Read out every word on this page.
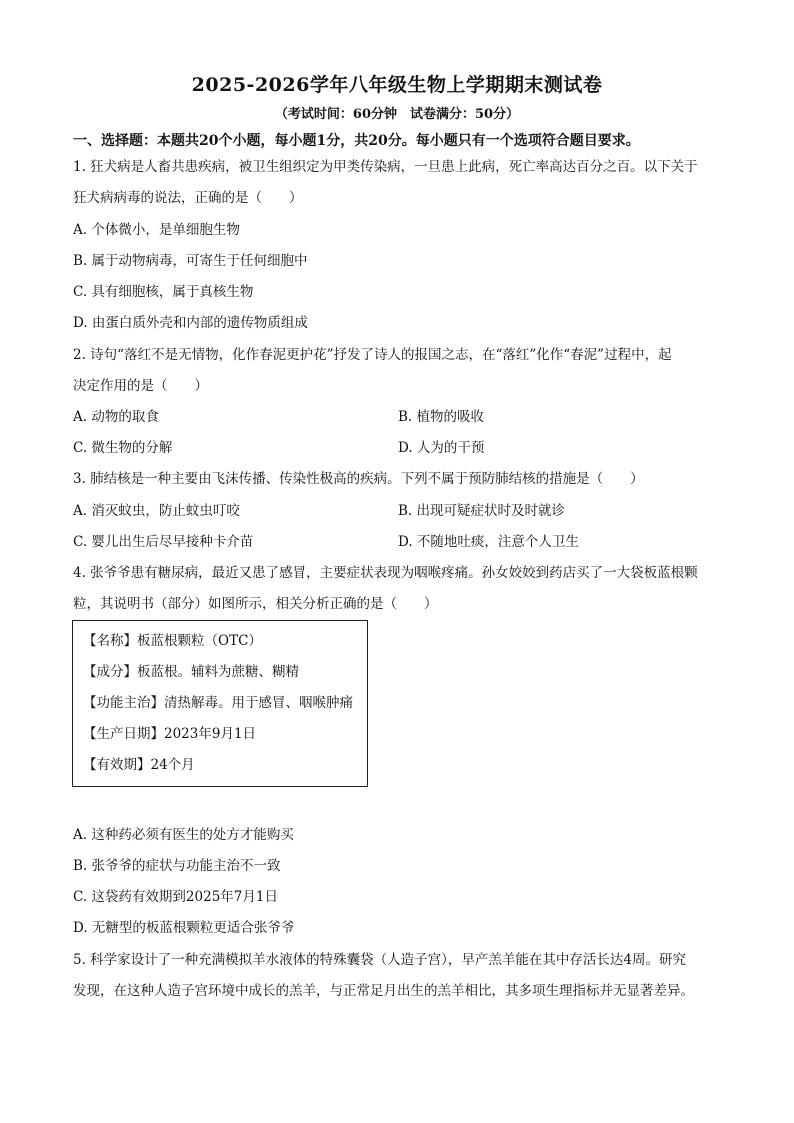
2025-2026学年八年级生物上学期期末测试卷
（考试时间：60分钟　试卷满分：50分）
一、选择题：本题共20个小题，每小题1分，共20分。每小题只有一个选项符合题目要求。
1. 狂犬病是人畜共患疾病，被卫生组织定为甲类传染病，一旦患上此病，死亡率高达百分之百。以下关于
狂犬病病毒的说法，正确的是（　　）
A. 个体微小，是单细胞生物
B. 属于动物病毒，可寄生于任何细胞中
C. 具有细胞核，属于真核生物
D. 由蛋白质外壳和内部的遗传物质组成
2. 诗句“落红不是无情物，化作春泥更护花”抒发了诗人的报国之志，在“落红”化作“春泥”过程中，起
决定作用的是（　　）
A. 动物的取食	B. 植物的吸收
C. 微生物的分解	D. 人为的干预
3. 肺结核是一种主要由飞沫传播、传染性极高的疾病。下列不属于预防肺结核的措施是（　　）
A. 消灭蚊虫，防止蚊虫叮咬	B. 出现可疑症状时及时就诊
C. 婴儿出生后尽早接种卡介苗	D. 不随地吐痰，注意个人卫生
4. 张爷爷患有糖尿病，最近又患了感冒，主要症状表现为咽喉疼痛。孙女姣姣到药店买了一大袋板蓝根颗
粒，其说明书（部分）如图所示，相关分析正确的是（　　）
【名称】板蓝根颗粒（OTC）
【成分】板蓝根。辅料为蔗糖、糊精
【功能主治】清热解毒。用于感冒、咽喉肿痛
【生产日期】2023年9月1日
【有效期】24个月
A. 这种药必须有医生的处方才能购买
B. 张爷爷的症状与功能主治不一致
C. 这袋药有效期到2025年7月1日
D. 无糖型的板蓝根颗粒更适合张爷爷
5. 科学家设计了一种充满模拟羊水液体的特殊囊袋（人造子宫），早产羔羊能在其中存活长达4周。研究
发现，在这种人造子宫环境中成长的羔羊，与正常足月出生的羔羊相比，其多项生理指标并无显著差异。
